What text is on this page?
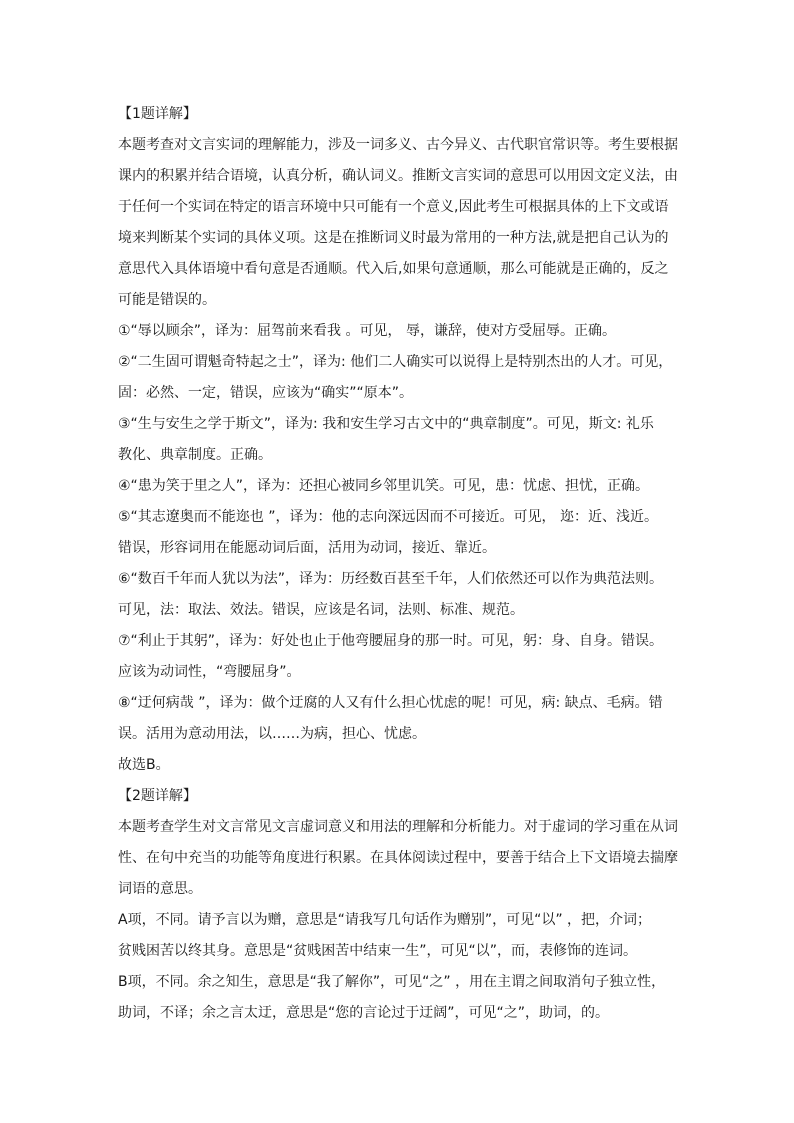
【1题详解】
本题考查对文言实词的理解能力，涉及一词多义、古今异义、古代职官常识等。考生要根据
课内的积累并结合语境，认真分析，确认词义。推断文言实词的意思可以用因文定义法，由
于任何一个实词在特定的语言环境中只可能有一个意义,因此考生可根据具体的上下文或语
境来判断某个实词的具体义项。这是在推断词义时最为常用的一种方法,就是把自己认为的
意思代入具体语境中看句意是否通顺。代入后,如果句意通顺，那么可能就是正确的，反之
可能是错误的。
①“辱以顾余”，译为：屈驾前来看我 。可见， 辱，谦辞，使对方受屈辱。正确。
②“二生固可谓魁奇特起之士”，译为: 他们二人确实可以说得上是特别杰出的人才。可见，
固：必然、一定，错误，应该为“确实”“原本”。
③“生与安生之学于斯文”，译为: 我和安生学习古文中的“典章制度”。可见，斯文: 礼乐
教化、典章制度。正确。
④“患为笑于里之人”，译为：还担心被同乡邻里讥笑。可见，患：忧虑、担忧，正确。
⑤“其志遼奥而不能迩也 ”，译为：他的志向深远因而不可接近。可见， 迩：近、浅近。
错误，形容词用在能愿动词后面，活用为动词，接近、靠近。
⑥“数百千年而人犹以为法”，译为：历经数百甚至千年，人们依然还可以作为典范法则。
可见，法：取法、效法。错误，应该是名词，法则、标准、规范。
⑦“利止于其躬”，译为：好处也止于他弯腰屈身的那一时。可见，躬：身、自身。错误。
应该为动词性，“弯腰屈身”。
⑧“迂何病哉 ”，译为：做个迂腐的人又有什么担心忧虑的呢！可见，病: 缺点、毛病。错
误。活用为意动用法，以……为病，担心、忧虑。
故选B。
【2题详解】
本题考查学生对文言常见文言虚词意义和用法的理解和分析能力。对于虚词的学习重在从词
性、在句中充当的功能等角度进行积累。在具体阅读过程中，要善于结合上下文语境去揣摩
词语的意思。
A项，不同。请予言以为赠，意思是“请我写几句话作为赠别”，可见“以” ，把，介词；
贫贱困苦以终其身。意思是“贫贱困苦中结束一生”，可见“以”，而，表修饰的连词。
B项，不同。余之知生，意思是“我了解你”，可见“之” ，用在主谓之间取消句子独立性，
助词，不译；余之言太迂，意思是“您的言论过于迂阔”，可见“之”，助词，的。
